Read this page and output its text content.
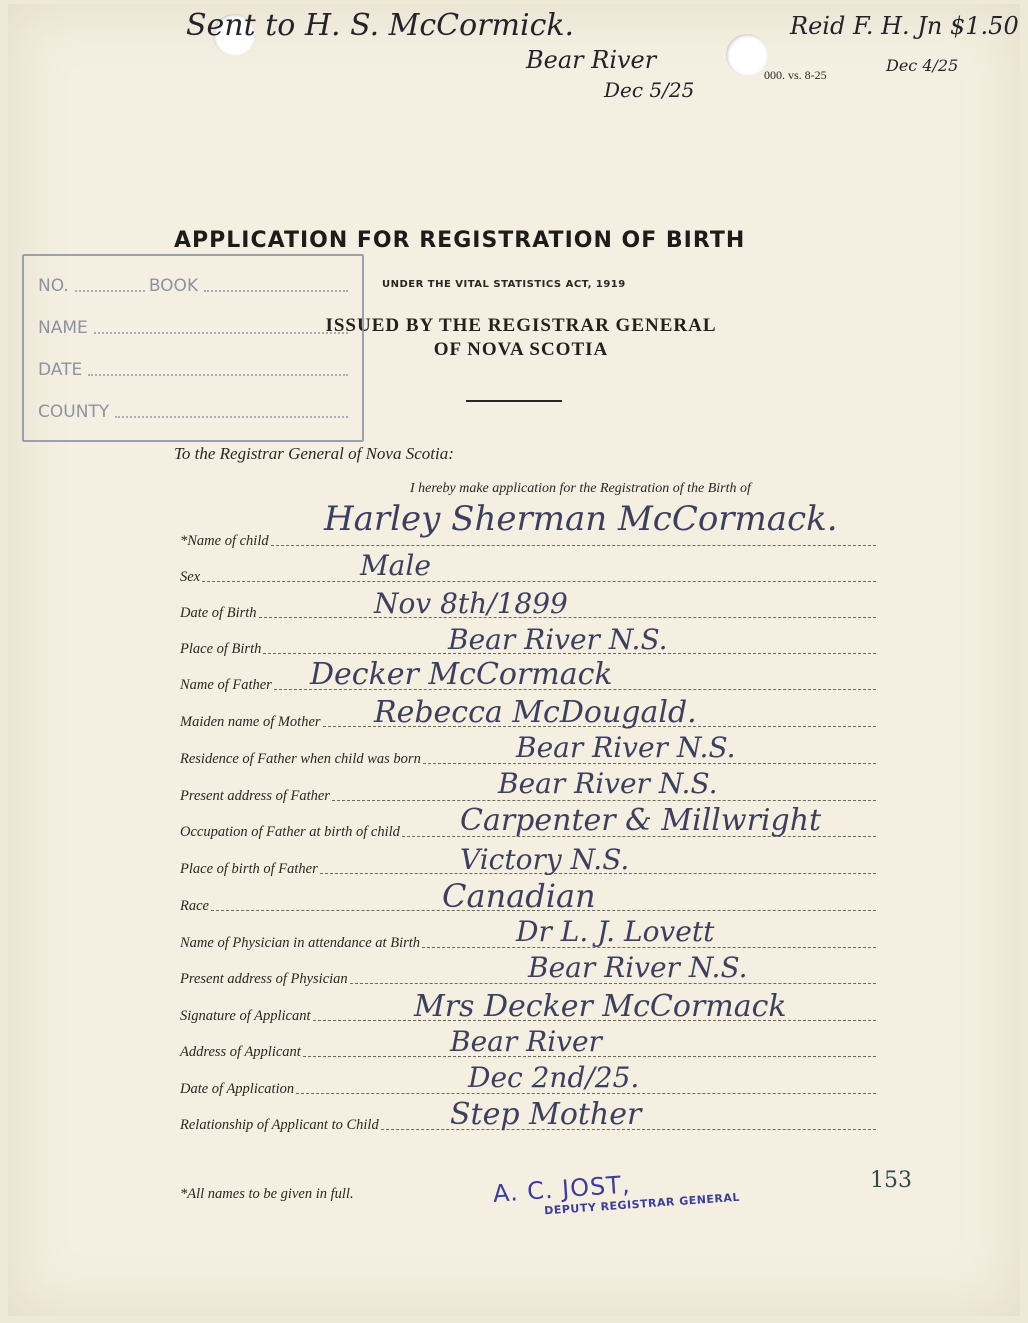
Sent to H. S. McCormick.
Bear River
Dec 5/25
Reid F. H. Jn $1.50
Dec 4/25
000. vs. 8-25
APPLICATION FOR REGISTRATION OF BIRTH
UNDER THE VITAL STATISTICS ACT, 1919
ISSUED BY THE REGISTRAR GENERAL
OF NOVA SCOTIA
NO.	BOOK
NAME
DATE
COUNTY
To the Registrar General of Nova Scotia:
I hereby make application for the Registration of the Birth of
*Name of child
Sex
Date of Birth
Place of Birth
Name of Father
Maiden name of Mother
Residence of Father when child was born
Present address of Father
Occupation of Father at birth of child
Place of birth of Father
Race
Name of Physician in attendance at Birth
Present address of Physician
Signature of Applicant
Address of Applicant
Date of Application
Relationship of Applicant to Child
Harley Sherman McCormack.
Male
Nov 8th/1899
Bear River N.S.
Decker McCormack
Rebecca McDougald.
Bear River N.S.
Bear River N.S.
Carpenter & Millwright
Victory N.S.
Canadian
Dr L. J. Lovett
Bear River N.S.
Mrs Decker McCormack
Bear River
Dec 2nd/25.
Step Mother
*All names to be given in full.	A. C. JOST,
DEPUTY REGISTRAR GENERAL
153
